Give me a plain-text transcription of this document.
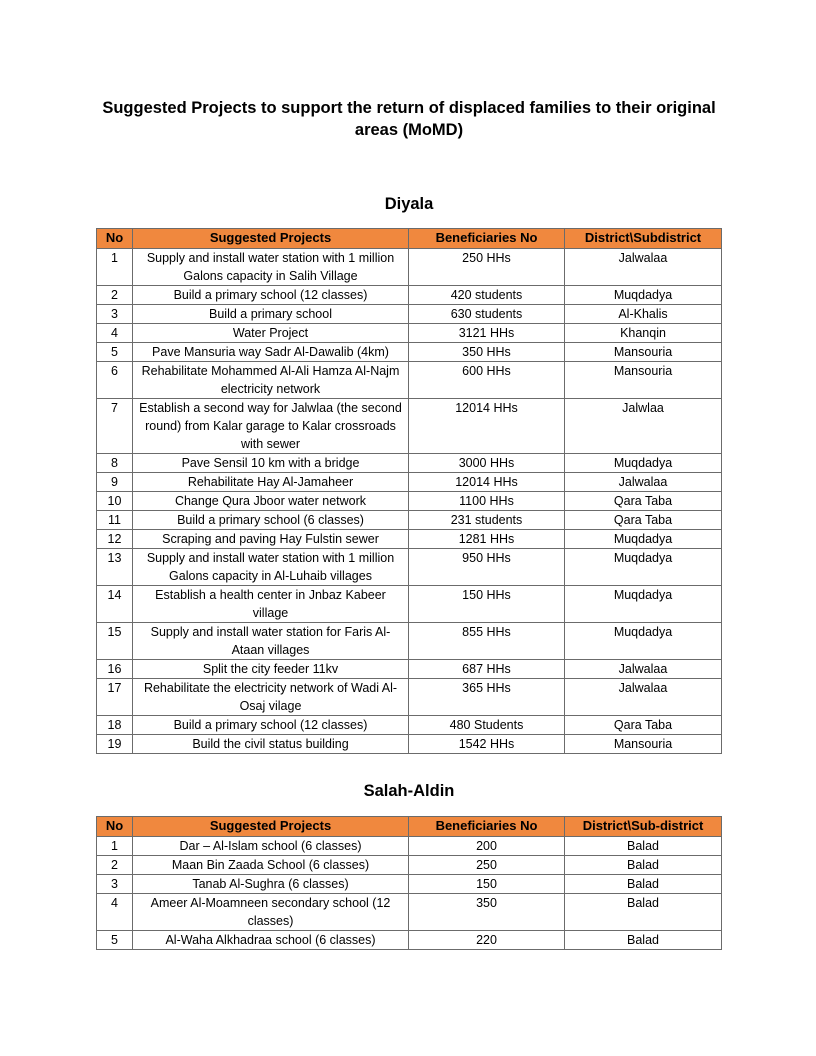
Suggested Projects to support the return of displaced families to their original areas (MoMD)
Diyala
No	Suggested Projects	Beneficiaries No	District\Subdistrict
1	Supply and install water station with 1 million Galons capacity in Salih Village	250 HHs	Jalwalaa
2	Build a primary school (12 classes)	420 students	Muqdadya
3	Build a primary school	630 students	Al-Khalis
4	Water Project	3121 HHs	Khanqin
5	Pave Mansuria way Sadr Al-Dawalib (4km)	350 HHs	Mansouria
6	Rehabilitate Mohammed Al-Ali Hamza Al-Najm electricity network	600 HHs	Mansouria
7	Establish a second way for Jalwlaa (the second round) from Kalar garage to Kalar crossroads with sewer	12014 HHs	Jalwlaa
8	Pave Sensil 10 km with a bridge	3000 HHs	Muqdadya
9	Rehabilitate Hay Al-Jamaheer	12014 HHs	Jalwalaa
10	Change Qura Jboor water network	1100 HHs	Qara Taba
11	Build a primary school (6 classes)	231 students	Qara Taba
12	Scraping and paving Hay Fulstin sewer	1281 HHs	Muqdadya
13	Supply and install water station with 1 million Galons capacity in Al-Luhaib villages	950 HHs	Muqdadya
14	Establish a health center in Jnbaz Kabeer village	150 HHs	Muqdadya
15	Supply and install water station for Faris Al-Ataan villages	855 HHs	Muqdadya
16	Split the city feeder 11kv	687 HHs	Jalwalaa
17	Rehabilitate the electricity network of Wadi Al-Osaj vilage	365 HHs	Jalwalaa
18	Build a primary school (12 classes)	480 Students	Qara Taba
19	Build the civil status building	1542 HHs	Mansouria
Salah-Aldin
No	Suggested Projects	Beneficiaries No	District\Sub-district
1	Dar – Al-Islam school (6 classes)	200	Balad
2	Maan Bin Zaada School (6 classes)	250	Balad
3	Tanab Al-Sughra (6 classes)	150	Balad
4	Ameer Al-Moamneen secondary school (12 classes)	350	Balad
5	Al-Waha Alkhadraa school (6 classes)	220	Balad
